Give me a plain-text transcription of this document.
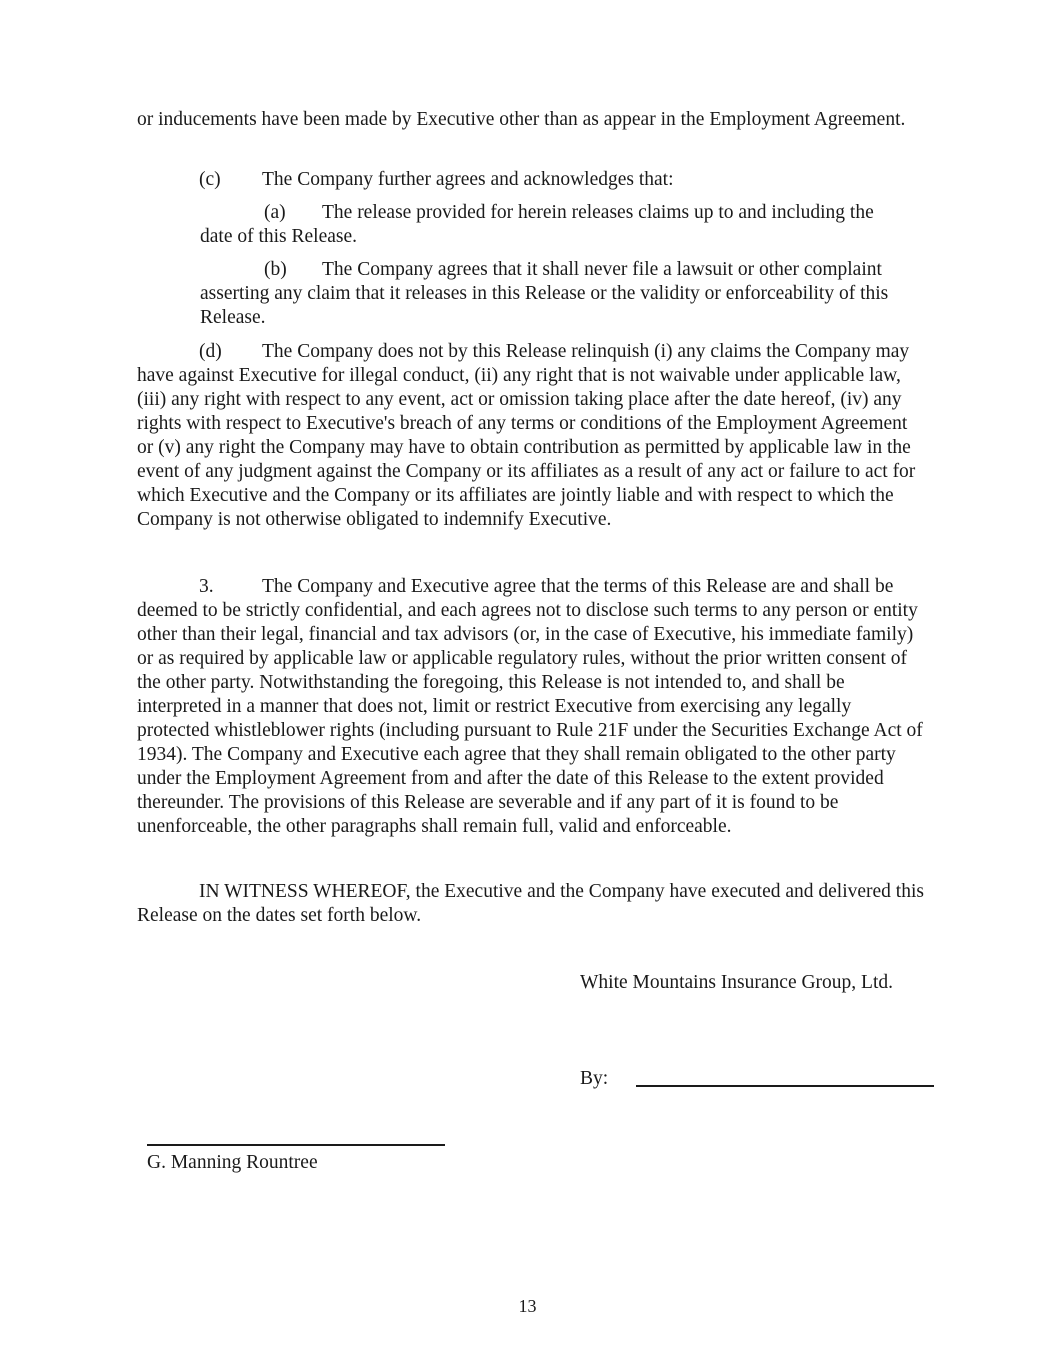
or inducements have been made by Executive other than as appear in the Employment Agreement.

(c) The Company further agrees and acknowledges that:

(a) The release provided for herein releases claims up to and including the date of this Release.

(b) The Company agrees that it shall never file a lawsuit or other complaint asserting any claim that it releases in this Release or the validity or enforceability of this Release.

(d) The Company does not by this Release relinquish (i) any claims the Company may have against Executive for illegal conduct, (ii) any right that is not waivable under applicable law, (iii) any right with respect to any event, act or omission taking place after the date hereof, (iv) any rights with respect to Executive's breach of any terms or conditions of the Employment Agreement or (v) any right the Company may have to obtain contribution as permitted by applicable law in the event of any judgment against the Company or its affiliates as a result of any act or failure to act for which Executive and the Company or its affiliates are jointly liable and with respect to which the Company is not otherwise obligated to indemnify Executive.

3. The Company and Executive agree that the terms of this Release are and shall be deemed to be strictly confidential, and each agrees not to disclose such terms to any person or entity other than their legal, financial and tax advisors (or, in the case of Executive, his immediate family) or as required by applicable law or applicable regulatory rules, without the prior written consent of the other party. Notwithstanding the foregoing, this Release is not intended to, and shall be interpreted in a manner that does not, limit or restrict Executive from exercising any legally protected whistleblower rights (including pursuant to Rule 21F under the Securities Exchange Act of 1934). The Company and Executive each agree that they shall remain obligated to the other party under the Employment Agreement from and after the date of this Release to the extent provided thereunder. The provisions of this Release are severable and if any part of it is found to be unenforceable, the other paragraphs shall remain full, valid and enforceable.

IN WITNESS WHEREOF, the Executive and the Company have executed and delivered this Release on the dates set forth below.

White Mountains Insurance Group, Ltd.

By:

G. Manning Rountree

13
